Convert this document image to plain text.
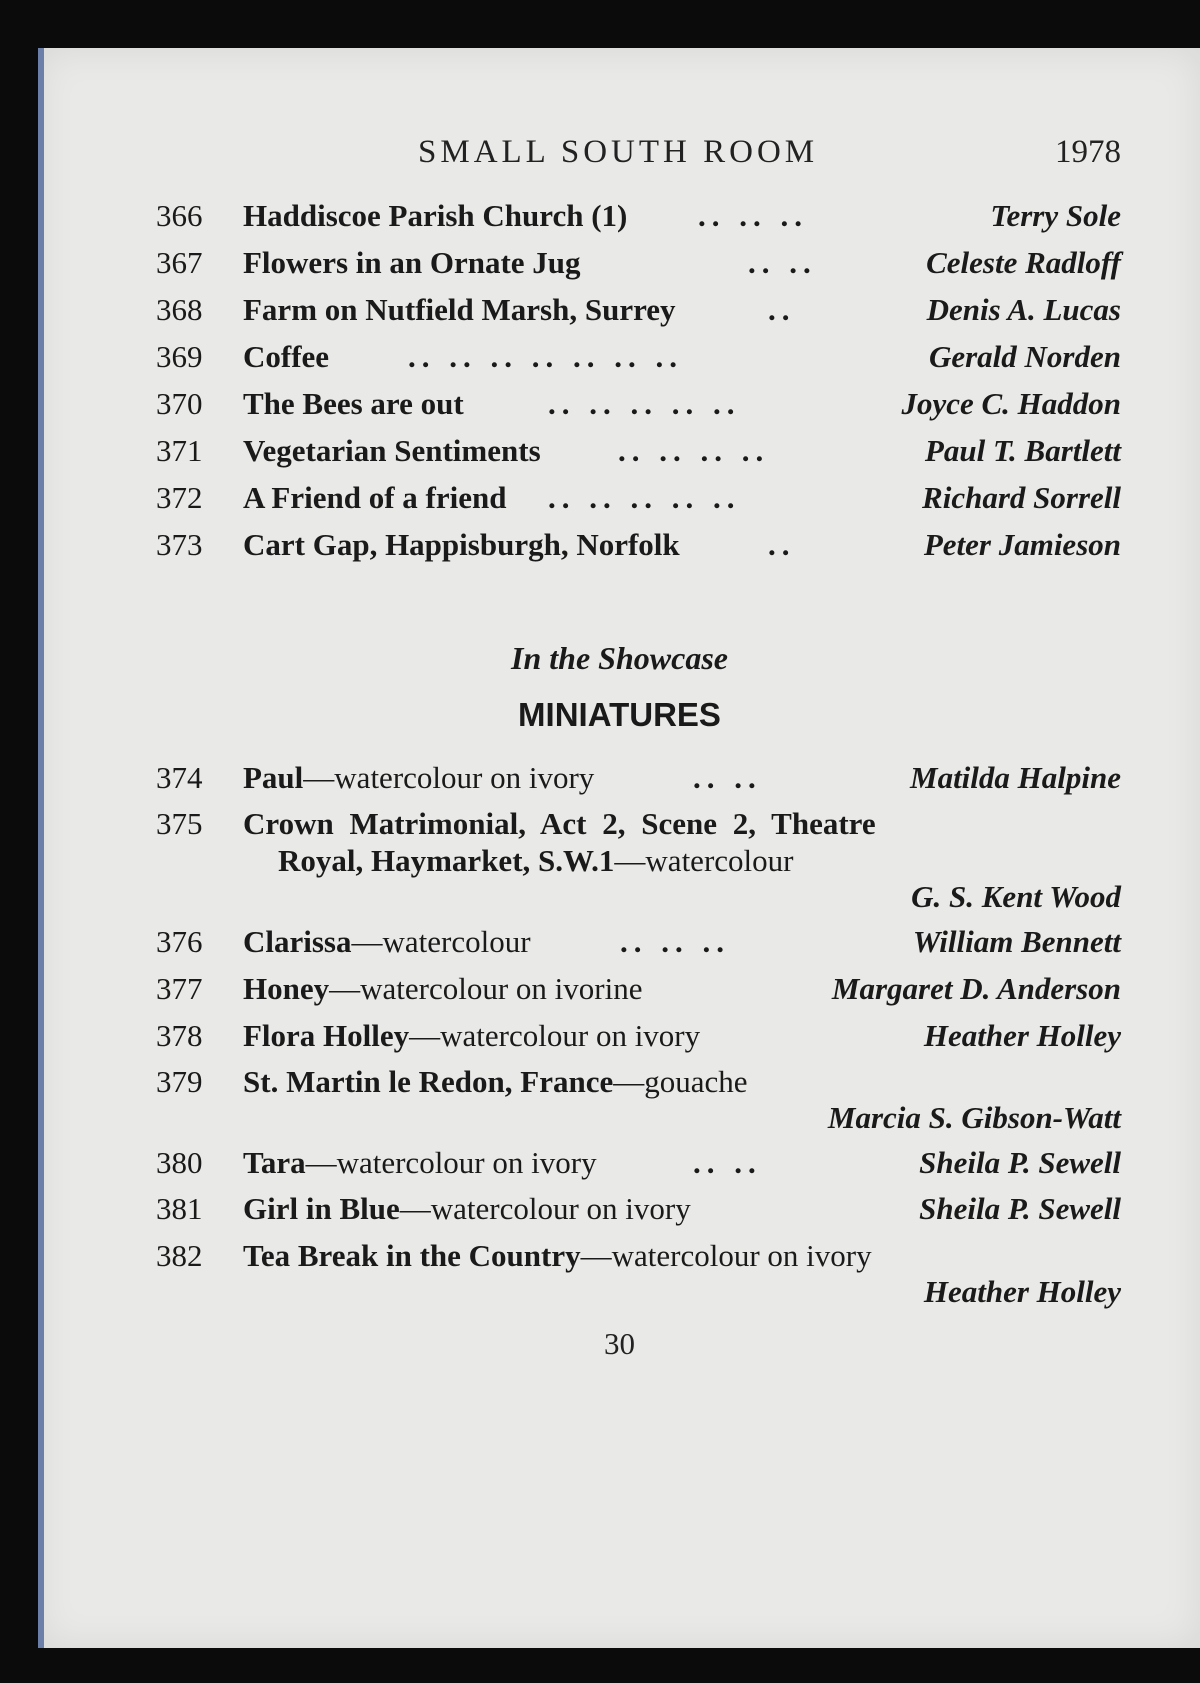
SMALL SOUTH ROOM	1978
366 Haddiscoe Parish Church (1) .. .. ..	Terry Sole
367 Flowers in an Ornate Jug	.. ..	Celeste Radloff
368 Farm on Nutfield Marsh, Surrey	..	Denis A. Lucas
369 Coffee	.. .. .. .. .. .. ..	Gerald Norden
370 The Bees are out	.. .. .. .. ..	Joyce C. Haddon
371 Vegetarian Sentiments .. .. .. ..	Paul T. Bartlett
372 A Friend of a friend .. .. .. .. ..	Richard Sorrell
373 Cart Gap, Happisburgh, Norfolk	..	Peter Jamieson
In the Showcase
MINIATURES
374 Paul—watercolour on ivory	.. ..	Matilda Halpine
375 Crown Matrimonial, Act 2, Scene 2, Theatre
Royal, Haymarket, S.W.1—watercolour
G. S. Kent Wood
376 Clarissa—watercolour	.. .. ..	William Bennett
377 Honey—watercolour on ivorine	Margaret D. Anderson
378 Flora Holley—watercolour on ivory	Heather Holley
379 St. Martin le Redon, France—gouache
Marcia S. Gibson-Watt
380 Tara—watercolour on ivory	.. ..	Sheila P. Sewell
381 Girl in Blue—watercolour on ivory	Sheila P. Sewell
382 Tea Break in the Country—watercolour on ivory
Heather Holley
30
